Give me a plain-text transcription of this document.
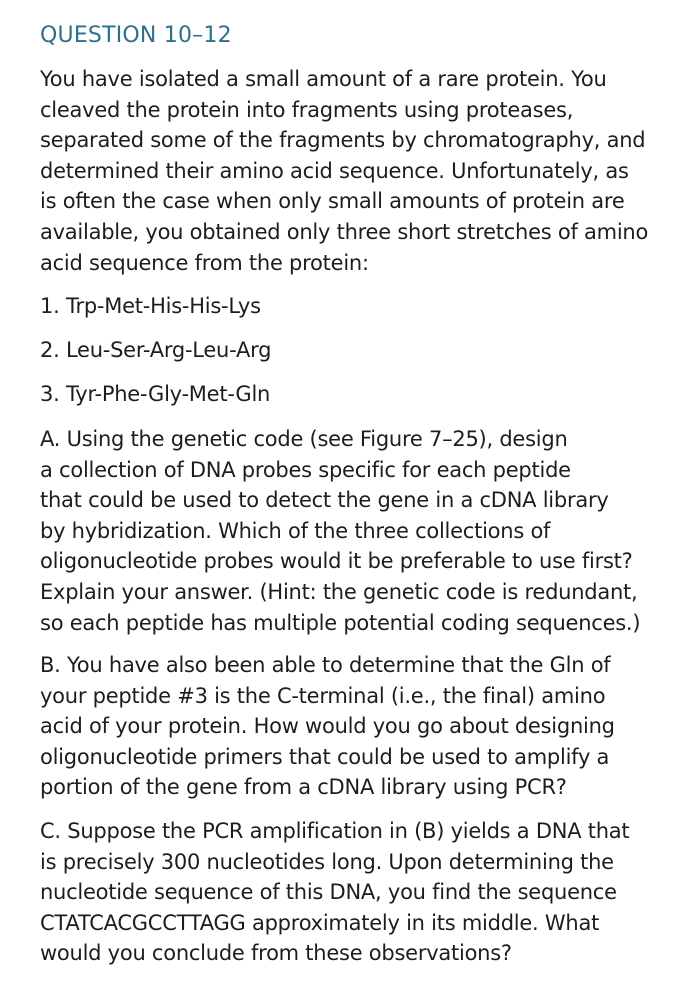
QUESTION 10–12
You have isolated a small amount of a rare protein. You
cleaved the protein into fragments using proteases,
separated some of the fragments by chromatography, and
determined their amino acid sequence. Unfortunately, as
is often the case when only small amounts of protein are
available, you obtained only three short stretches of amino
acid sequence from the protein:
1. Trp-Met-His-His-Lys
2. Leu-Ser-Arg-Leu-Arg
3. Tyr-Phe-Gly-Met-Gln
A. Using the genetic code (see Figure 7–25), design
a collection of DNA probes specific for each peptide
that could be used to detect the gene in a cDNA library
by hybridization. Which of the three collections of
oligonucleotide probes would it be preferable to use first?
Explain your answer. (Hint: the genetic code is redundant,
so each peptide has multiple potential coding sequences.)
B. You have also been able to determine that the Gln of
your peptide #3 is the C-terminal (i.e., the final) amino
acid of your protein. How would you go about designing
oligonucleotide primers that could be used to amplify a
portion of the gene from a cDNA library using PCR?
C. Suppose the PCR amplification in (B) yields a DNA that
is precisely 300 nucleotides long. Upon determining the
nucleotide sequence of this DNA, you find the sequence
CTATCACGCCTTAGG approximately in its middle. What
would you conclude from these observations?
